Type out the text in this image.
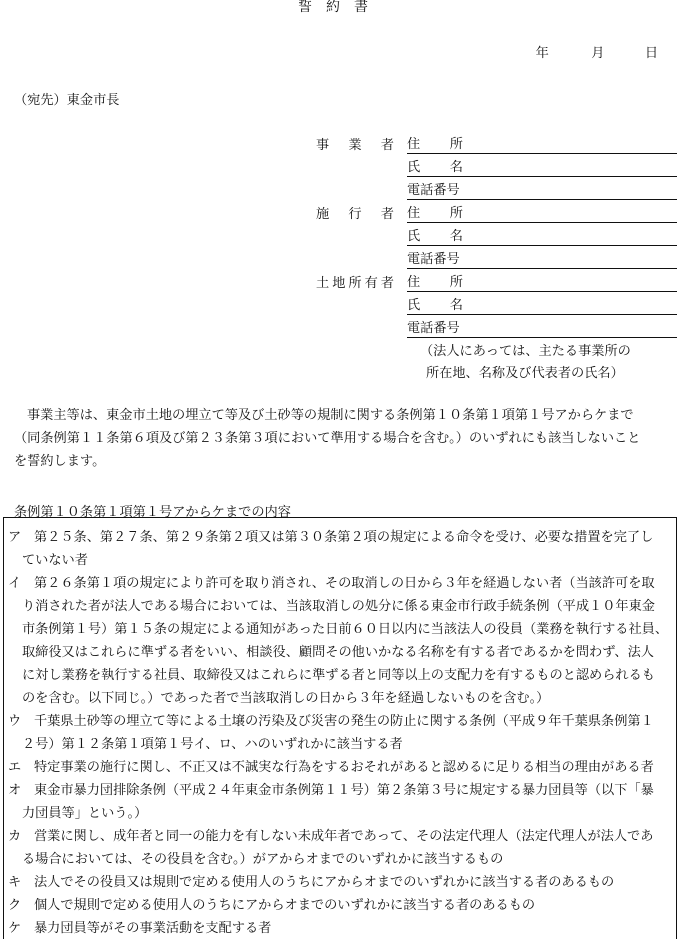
誓約書
年	月	日
（宛先）東金市長
事業者 住所
氏名
電話番号
施行者 住所
氏名
電話番号
土地所有者 住所
氏名
電話番号
（法人にあっては、主たる事業所の
所在地、名称及び代表者の氏名）

事業主等は、東金市土地の埋立て等及び土砂等の規制に関する条例第１０条第１項第１号アからケまで

（同条例第１１条第６項及び第２３条第３項において準用する場合を含む。）のいずれにも該当しないこと

を誓約します。

条例第１０条第１項第１号アからケまでの内容
ア 第２５条、第２７条、第２９条第２項又は第３０条第２項の規定による命令を受け、必要な措置を完了し

ていない者

イ 第２６条第１項の規定により許可を取り消され、その取消しの日から３年を経過しない者（当該許可を取

り消された者が法人である場合においては、当該取消しの処分に係る東金市行政手続条例（平成１０年東金

市条例第１号）第１５条の規定による通知があった日前６０日以内に当該法人の役員（業務を執行する社員、

取締役又はこれらに準ずる者をいい、相談役、顧問その他いかなる名称を有する者であるかを問わず、法人

に対し業務を執行する社員、取締役又はこれらに準ずる者と同等以上の支配力を有するものと認められるも

のを含む。以下同じ。）であった者で当該取消しの日から３年を経過しないものを含む。）

ウ 千葉県土砂等の埋立て等による土壌の汚染及び災害の発生の防止に関する条例（平成９年千葉県条例第１

２号）第１２条第１項第１号イ、ロ、ハのいずれかに該当する者

エ 特定事業の施行に関し、不正又は不誠実な行為をするおそれがあると認めるに足りる相当の理由がある者

オ 東金市暴力団排除条例（平成２４年東金市条例第１１号）第２条第３号に規定する暴力団員等（以下「暴

力団員等」という。）

カ 営業に関し、成年者と同一の能力を有しない未成年者であって、その法定代理人（法定代理人が法人であ

る場合においては、その役員を含む。）がアからオまでのいずれかに該当するもの

キ 法人でその役員又は規則で定める使用人のうちにアからオまでのいずれかに該当する者のあるもの

ク 個人で規則で定める使用人のうちにアからオまでのいずれかに該当する者のあるもの

ケ 暴力団員等がその事業活動を支配する者
